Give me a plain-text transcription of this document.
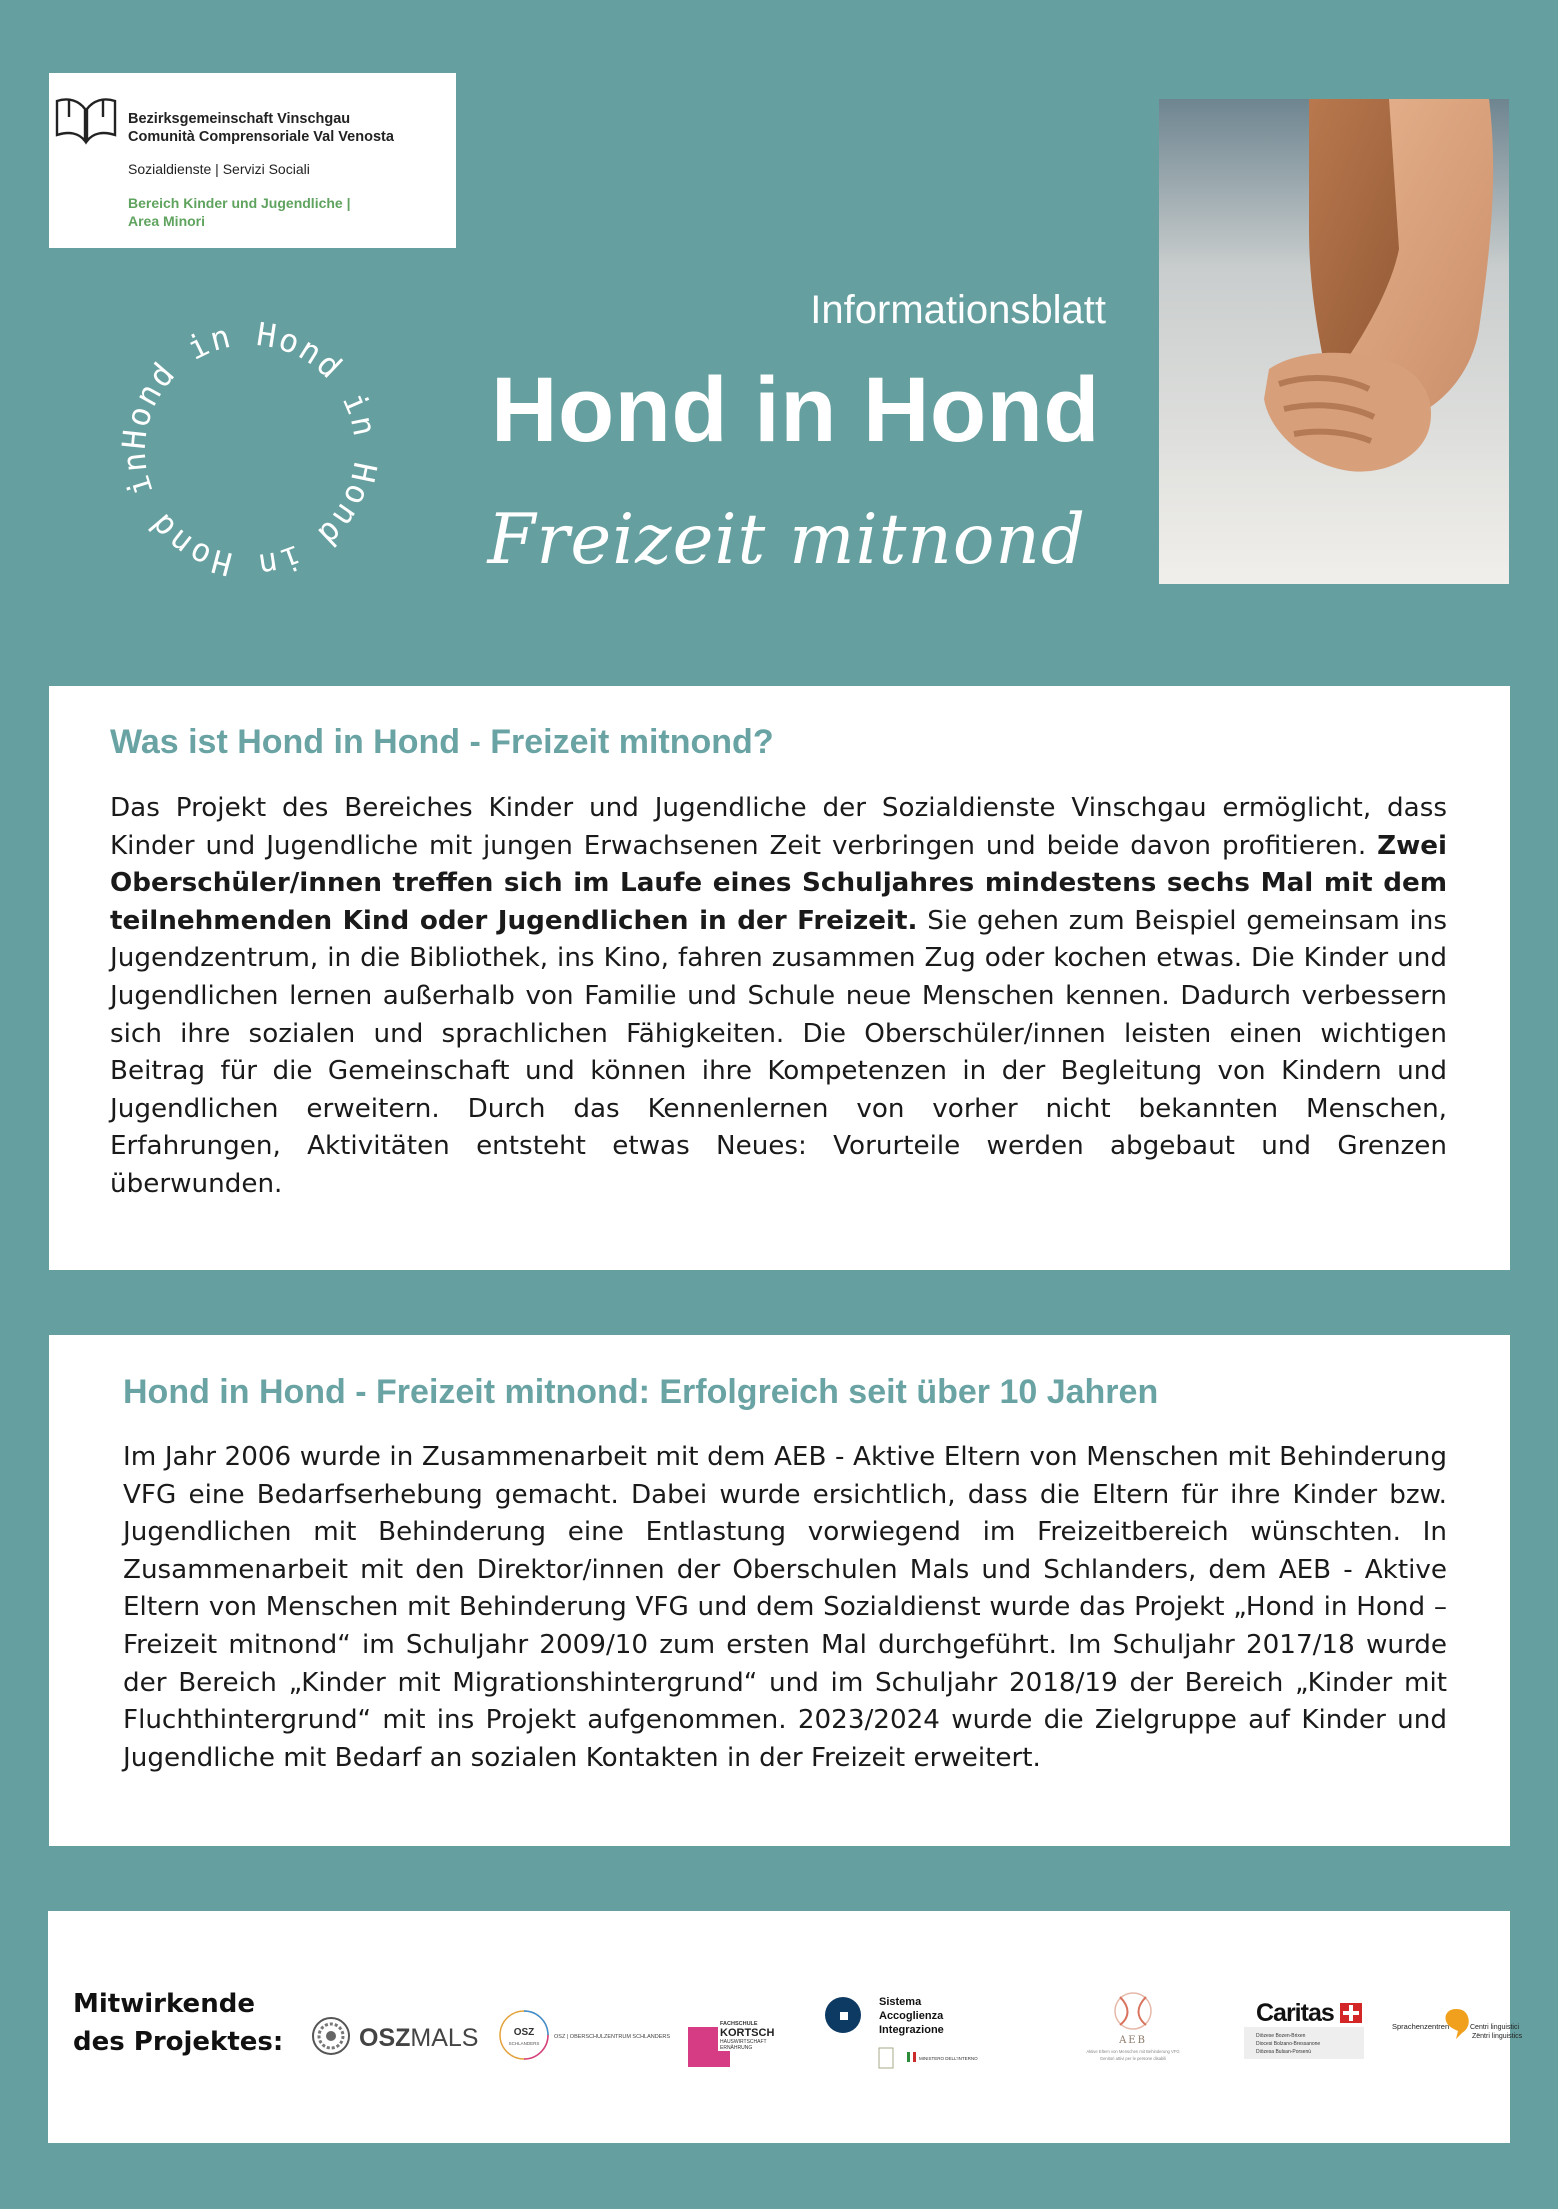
Bezirksgemeinschaft Vinschgau
Comunità Comprensoriale Val Venosta
Sozialdienste | Servizi Sociali
Bereich Kinder und Jugendliche |
Area Minori
Hond in Hond in Hond in Hond in
Informationsblatt
Hond in Hond
Freizeit mitnond
Was ist Hond in Hond - Freizeit mitnond?
Das Projekt des Bereiches Kinder und Jugendliche der Sozialdienste Vinschgau ermöglicht, dass Kinder und Jugendliche mit jungen Erwachsenen Zeit verbringen und beide davon profitieren. Zwei Oberschüler/innen treffen sich im Laufe eines Schuljahres mindestens sechs Mal mit dem teilnehmenden Kind oder Jugendlichen in der Freizeit. Sie gehen zum Beispiel gemeinsam ins Jugendzentrum, in die Bibliothek, ins Kino, fahren zusammen Zug oder kochen etwas. Die Kinder und Jugendlichen lernen außerhalb von Familie und Schule neue Menschen kennen. Dadurch verbessern sich ihre sozialen und sprachlichen Fähigkeiten. Die Oberschüler/innen leisten einen wichtigen Beitrag für die Gemeinschaft und können ihre Kompetenzen in der Begleitung von Kindern und Jugendlichen erweitern. Durch das Kennenlernen von vorher nicht bekannten Menschen, Erfahrungen, Aktivitäten entsteht etwas Neues: Vorurteile werden abgebaut und Grenzen überwunden.
Hond in Hond - Freizeit mitnond: Erfolgreich seit über 10 Jahren
Im Jahr 2006 wurde in Zusammenarbeit mit dem AEB - Aktive Eltern von Menschen mit Behinderung VFG eine Bedarfserhebung gemacht. Dabei wurde ersichtlich, dass die Eltern für ihre Kinder bzw. Jugendlichen mit Behinderung eine Entlastung vorwiegend im Freizeitbereich wünschten. In Zusammenarbeit mit den Direktor/innen der Oberschulen Mals und Schlanders, dem AEB - Aktive Eltern von Menschen mit Behinderung VFG und dem Sozialdienst wurde das Projekt „Hond in Hond – Freizeit mitnond“ im Schuljahr 2009/10 zum ersten Mal durchgeführt. Im Schuljahr 2017/18 wurde der Bereich „Kinder mit Migrationshintergrund“ und im Schuljahr 2018/19 der Bereich „Kinder mit Fluchthintergrund“ mit ins Projekt aufgenommen. 2023/2024 wurde die Zielgruppe auf Kinder und Jugendliche mit Bedarf an sozialen Kontakten in der Freizeit erweitert.
Mitwirkende
des Projektes:	OSZMALS	OSZ
SCHLANDERS
OSZ | OBERSCHULZENTRUM SCHLANDERS
FACHSCHULE
KORTSCH
HAUSWIRTSCHAFT
ERNÄHRUNG
Sistema
Accoglienza
Integrazione
MINISTERO DELL'INTERNO
AEB
Aktive Eltern von Menschen mit Behinderung VFG
Genitori attivi per le persone disabili
Caritas
Diözese Bozen-Brixen
Diocesi Bolzano-Bressanone
Diözesa Bulsan-Porsenù
Sprachenzentren	Centri linguistici
Zëntri linguistics
